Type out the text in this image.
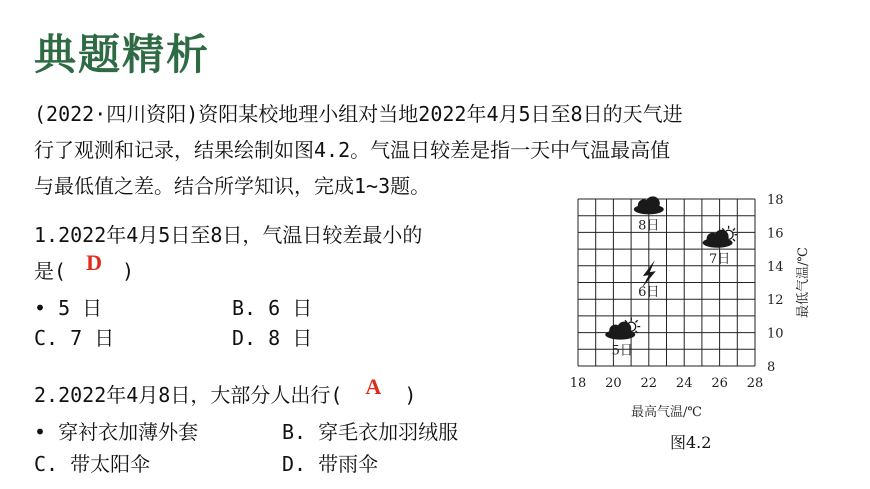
典题精析
(2022·四川资阳)资阳某校地理小组对当地2022年4月5日至8日的天气进
行了观测和记录，结果绘制如图4.2。气温日较差是指一天中气温最高值
与最低值之差。结合所学知识，完成1~3题。
1.2022年4月5日至8日，气温日较差最小的
是( D )
• 5 日	B. 6 日
C. 7 日	D. 8 日
2.2022年4月8日，大部分人出行( A )
• 穿衬衣加薄外套	B. 穿毛衣加羽绒服
C. 带太阳伞	D. 带雨伞
18 20 22 24 26 28
8
10
12
14
16
18
最高气温/℃
最低气温/℃
5日
6日
7日
8日
图4.2
